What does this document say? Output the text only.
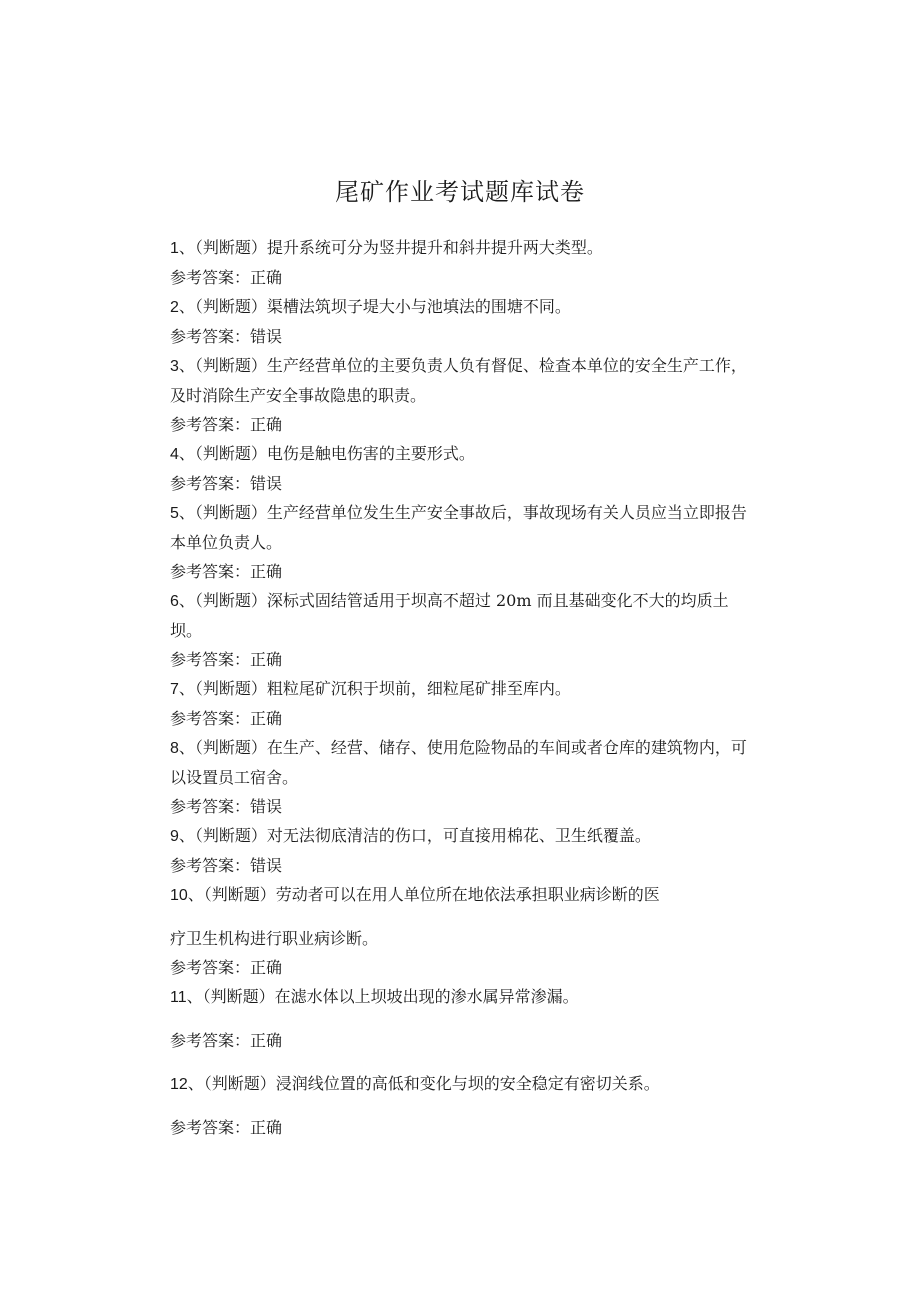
尾矿作业考试题库试卷

1、（判断题）提升系统可分为竖井提升和斜井提升两大类型。

参考答案：正确

2、（判断题）渠槽法筑坝子堤大小与池填法的围塘不同。

参考答案：错误

3、（判断题）生产经营单位的主要负责人负有督促、检查本单位的安全生产工作，及时消除生产安全事故隐患的职责。

参考答案：正确

4、（判断题）电伤是触电伤害的主要形式。

参考答案：错误

5、（判断题）生产经营单位发生生产安全事故后，事故现场有关人员应当立即报告本单位负责人。

参考答案：正确

6、（判断题）深标式固结管适用于坝高不超过 20m 而且基础变化不大的均质土坝。

参考答案：正确

7、（判断题）粗粒尾矿沉积于坝前，细粒尾矿排至库内。

参考答案：正确

8、（判断题）在生产、经营、储存、使用危险物品的车间或者仓库的建筑物内，可以设置员工宿舍。

参考答案：错误

9、（判断题）对无法彻底清洁的伤口，可直接用棉花、卫生纸覆盖。

参考答案：错误

10、（判断题）劳动者可以在用人单位所在地依法承担职业病诊断的医

疗卫生机构进行职业病诊断。

参考答案：正确

11、（判断题）在滤水体以上坝坡出现的渗水属异常渗漏。

参考答案：正确

12、（判断题）浸润线位置的高低和变化与坝的安全稳定有密切关系。

参考答案：正确
